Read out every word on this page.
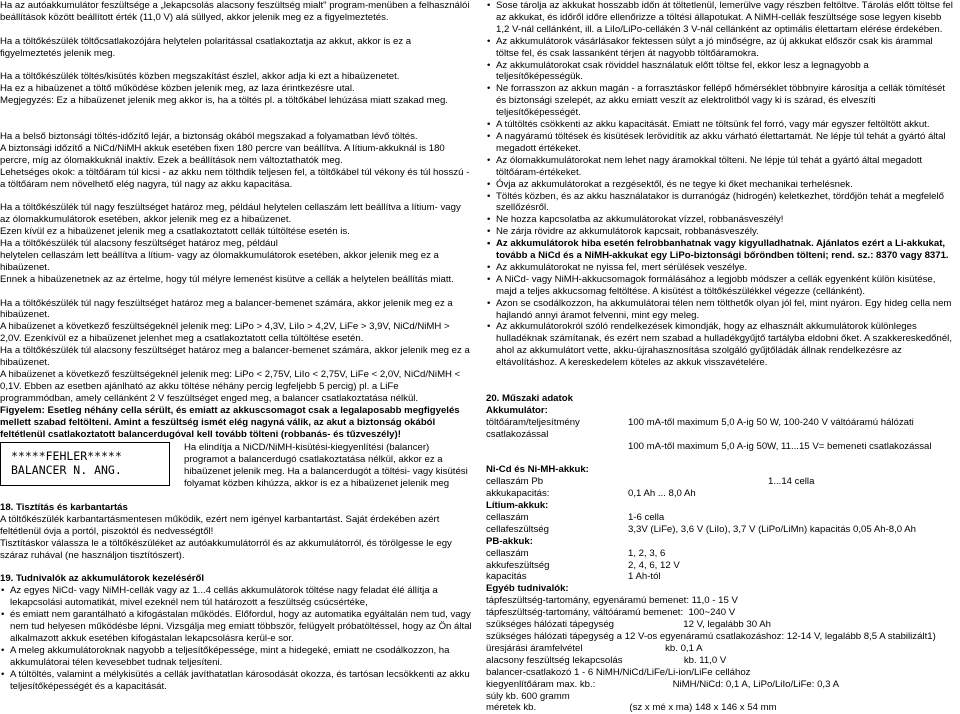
Ha az autóakkumulátor feszültsége a „lekapcsolás alacsony feszültség mialt" program-menüben a felhasználói beállítások között beállított érték (11,0 V) alá süllyed, akkor jelenik meg ez a figyelmeztetés.

Ha a töltőkészülék töltőcsatlakozójára helytelen polaritással csatlakoztatja az akkut, akkor is ez a figyelmeztetés jelenik meg.

Ha a töltőkészülék töltés/kisütés közben megszakítást észlel, akkor adja ki ezt a hibaüzenetet.

Ha ez a hibaüzenet a töltő működése közben jelenik meg, az laza érintkezésre utal.

Megjegyzés: Ez a hibaüzenet jelenik meg akkor is, ha a töltés pl. a töltőkábel lehúzása miatt szakad meg.

Ha a belső biztonsági töltés-időzítő lejár, a biztonság okából megszakad a folyamatban lévő töltés.

A biztonsági időzítő a NiCd/NiMH akkuk esetében fixen 180 percre van beállítva. A lítium-akkuknál is 180 percre, míg az ólomakkuknál inaktív. Ezek a beállítások nem változtathatók meg.

Lehetséges okok: a töltőáram túl kicsi - az akku nem tölthdik teljesen fel, a töltőkábel túl vékony és túl hosszú - a töltőáram nem növelhető elég nagyra, túl nagy az akku kapacitása.

Ha a töltőkészülék túl nagy feszültséget határoz meg, például helytelen cellaszám lett beállítva a lítium- vagy az ólomakkumulátorok esetében, akkor jelenik meg ez a hibaüzenet.

Ezen kívül ez a hibaüzenet jelenik meg a csatlakoztatott cellák túltöltése esetén is.

Ha a töltőkészülék túl alacsony feszültséget határoz meg, például

helytelen cellaszám lett beállítva a lítium- vagy az ólomakkumulátorok esetében, akkor jelenik meg ez a hibaüzenet.

Ennek a hibaüzenetnek az az értelme, hogy túl mélyre lemenést kisütve a cellák a helytelen beállítás miatt.

Ha a töltőkészülék túl nagy feszültséget határoz meg a balancer-bemenet számára, akkor jelenik meg ez a hibaüzenet.

A hibaüzenet a következő feszültségeknél jelenik meg: LiPo > 4,3V, LiIo > 4,2V, LiFe > 3,9V, NiCd/NiMH > 2,0V. Ezenkívül ez a hibaüzenet jelenhet meg a csatlakoztatott cella túltöltése esetén.

Ha a töltőkészülék túl alacsony feszültséget határoz meg a balancer-bemenet számára, akkor jelenik meg ez a hibaüzenet.

A hibaüzenet a következő feszültségeknél jelenik meg: LiPo < 2,75V, LiIo < 2,75V, LiFe < 2,0V, NiCd/NiMH < 0,1V. Ebben az esetben ajánlható az akku töltése néhány percig legfeljebb 5 percig) pl. a LiFe programmódban, amely cellánként 2 V feszültséget enged meg, a balancer csatlakoztatása nélkül.

Figyelem: Esetleg néhány cella sérült, és emiatt az akkuscsomagot csak a legalaposabb megfigyelés mellett szabad feltölteni. Amint a feszültség ismét elég nagyná válik, az akut a biztonság okából feltétlenül csatlakoztatott balancerdugóval kell tovább tölteni (robbanás- és tűzveszély)!

*****FEHLER*****
BALANCER N. ANG.

Ha elindítja a NiCD/NiMH-kisütési-kiegyenlítési (balancer) programot a balancerdugó csatlakoztatása nélkül, akkor ez a hibaüzenet jelenik meg. Ha a balancerdugót a töltési- vagy kisütési folyamat közben kihúzza, akkor is ez a hibaüzenet jelenik meg

18. Tisztítás és karbantartás

A töltőkészülék karbantartásmentesen működik, ezért nem igényel karbantartást. Saját érdekében azért feltétlenül óvja a portól, piszoktól és nedvességtől!

Tisztításkor válassza le a töltőkészüléket az autóakkumulátorról és az akkumulátorról, és törölgesse le egy száraz ruhával (ne használjon tisztítószert).

19. Tudnivalók az akkumulátorok kezeléséről

• Az egyes NiCd- vagy NiMH-cellák vagy az 1...4 cellás akkumulátorok töltése nagy feladat élé állítja a lekapcsolási automatikát, mivel ezeknél nem túl határozott a feszültség csúcsértéke,
• és emiatt nem garantálható a kifogástalan működés. Előfordul, hogy az automatika egyáltalán nem tud, vagy nem tud helyesen működésbe lépni. Vizsgálja meg emiatt többször, felügyelt próbatöltéssel, hogy az Ön által alkalmazott akkuk esetében kifogástalan lekapcsolásra kerül-e sor.
• A meleg akkumulátoroknak nagyobb a teljesítőképessége, mint a hidegeké, emiatt ne csodálkozzon, ha akkumulátorai télen kevesebbet tudnak teljesíteni.
• A túltöltés, valamint a mélykisütés a cellák javíthatatlan károsodását okozza, és tartósan lecsökkenti az akku teljesítőképességét és a kapacitását.
• Sose tárolja az akkukat hosszabb időn át töltetlenül, lemerülve vagy részben feltöltve. Tárolás előtt töltse fel az akkukat, és időről időre ellenőrizze a töltési állapotukat. A NiMH-cellák feszültsége sose legyen kisebb 1,2 V-nál cellánként, ill. a LiIo/LiPo-cellákén 3 V-nál cellánként az optimális élettartam elérése érdekében.
• Az akkumulátorok vásárlásakor fektessen súlyt a jó minőségre, az új akkukat először csak kis árammal töltse fel, és csak lassanként térjen át nagyobb töltőáramokra.
• Az akkumulátorokat csak röviddel használatuk előtt töltse fel, ekkor lesz a legnagyobb a teljesítőképességük.
• Ne forrasszon az akkun magán - a forrasztáskor fellépő hőmérséklet többnyire károsítja a cellák tömítését és biztonsági szelepét, az akku emiatt veszít az elektrolitból vagy ki is szárad, és elveszíti teljesítőképességét.
• A túltöltés csökkenti az akku kapacitását. Emiatt ne töltsünk fel forró, vagy már egyszer feltöltött akkut.
• A nagyáramú töltések és kisütések lerövidítik az akku várható élettartamát. Ne lépje túl tehát a gyártó által megadott értékeket.
• Az ólomakkumulátorokat nem lehet nagy áramokkal tölteni. Ne lépje túl tehát a gyártó által megadott töltőáram-értékeket.
• Óvja az akkumulátorokat a rezgésektől, és ne tegye ki őket mechanikai terhelésnek.
• Töltés közben, és az akku használatakor is durranógáz (hidrogén) keletkezhet, tördőjön tehát a megfelelő szellőzésről.
• Ne hozza kapcsolatba az akkumulátorokat vízzel, robbanásveszély!
• Ne zárja rövidre az akkumulátorok kapcsait, robbanásveszély.
• Az akkumulátorok hiba esetén felrobbanhatnak vagy kigyulladhatnak. Ajánlatos ezért a Li-akkukat, tovább a NiCd és a NiMH-akkukat egy LiPo-biztonsági bőröndben tölteni; rend. sz.: 8370 vagy 8371.
• Az akkumulátorokat ne nyissa fel, mert sérülések veszélye.
• A NiCd- vagy NiMH-akkucsomagok formálásához a legjobb módszer a cellák egyenként külön kisütése, majd a teljes akkucsomag feltöltése. A kisütést a töltőkészülékkel végezze (cellánként).
• Azon se csodálkozzon, ha akkumulátorai télen nem tölthetők olyan jól fel, mint nyáron. Egy hideg cella nem hajlandó annyi áramot felvenni, mint egy meleg.
• Az akkumulátorokról szóló rendelkezések kimondják, hogy az elhasznált akkumulátorok különleges hulladéknak számítanak, és ezért nem szabad a hulladékgyűjtő tartályba eldobni őket. A szakkereskedőnél, ahol az akkumulátort vette, akku-újrahasznosítása szolgáló gyűjtőládák állnak rendelkezésre az eltávolításhoz. A kereskedelem köteles az akkuk visszavételére.

20. Műszaki adatok

Akkumulátor:
töltőáram/teljesítmény	100 mA-től maximum 5,0 A-ig 50 W, 100-240 V váltóáramú hálózati
csatlakozással
100 mA-től maximum 5,0 A-ig 50W, 11...15 V= bemeneti csatlakozással
Ni-Cd és Ni-MH-akkuk:
cellaszám Pb	1...14 cella
akkukapacitás:	0,1 Ah ... 8,0 Ah
Lítium-akkuk:
cellaszám	1-6 cella
cellafeszültség	3,3V (LiFe), 3,6 V (LiIo), 3,7 V (LiPo/LiMn) kapacitás 0,05 Ah-8,0 Ah
PB-akkuk:
cellaszám	1, 2, 3, 6
akkufeszültség	2, 4, 6, 12 V
kapacitás	1 Ah-tól
Egyéb tudnivalók:
tápfeszültség-tartomány, egyenáramú bemenet: 11,0 - 15 V
tápfeszültség-tartomány, váltóáramú bemenet:  100~240 V
szükséges hálózati tápegység                          12 V, legalább 30 Ah
szükséges hálózati tápegység a 12 V-os egyenáramú csatlakozáshoz: 12-14 V, legalább 8,5 A stabilizált1)
üresjárási áramfelvétel                               kb. 0,1 A
alacsony feszültség lekapcsolás                       kb. 11,0 V
balancer-csatlakozó 1 - 6 NiMH/NiCd/LiFe/Li-ion/LiFe cellához
kiegyenlítőáram max. kb.:                             NiMH/NiCd: 0,1 A, LiPo/LiIo/LiFe: 0,3 A
súly kb. 600 gramm
méretek kb.                                   (sz x mé x ma) 148 x 146 x 54 mm
